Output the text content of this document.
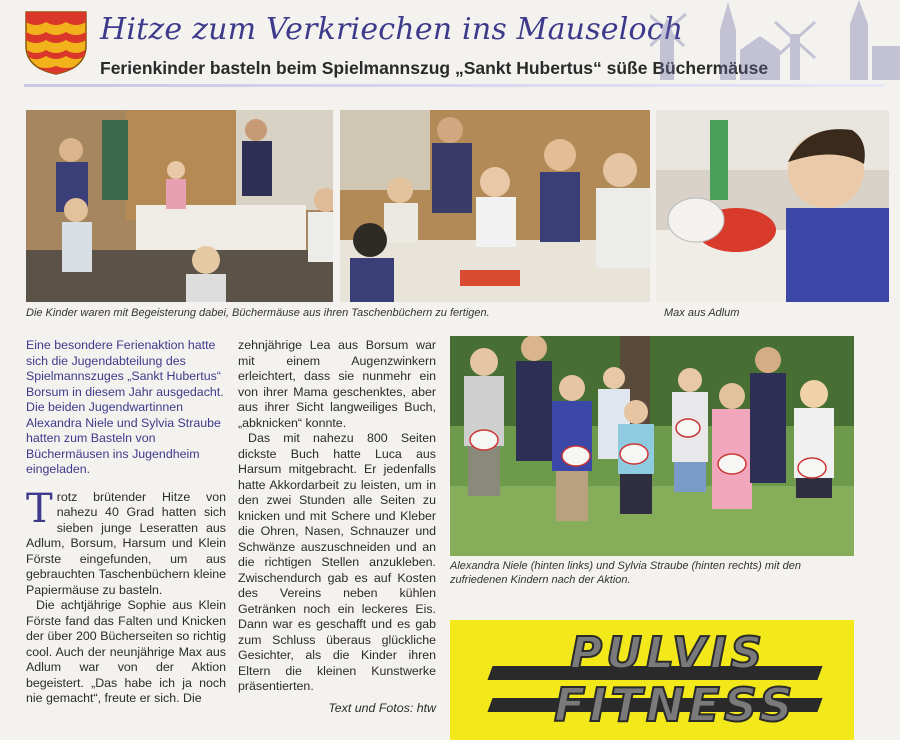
Hitze zum Verkriechen ins Mauseloch
Ferienkinder basteln beim Spielmannszug „Sankt Hubertus“ süße Büchermäuse
Die Kinder waren mit Begeisterung dabei, Büchermäuse aus ihren Taschenbüchern zu fertigen.	Max aus Adlum

Eine besondere Ferienaktion hatte sich die Jugendabteilung des Spielmannszuges „Sankt Hubertus“ Borsum in diesem Jahr ausgedacht. Die beiden Jugendwartinnen Alexandra Niele und Sylvia Straube hatten zum Basteln von Büchermäusen ins Jugendheim eingeladen.

Trotz brütender Hitze von nahezu 40 Grad hatten sich sieben junge Leseratten aus Adlum, Borsum, Harsum und Klein Förste eingefunden, um aus gebrauchten Taschenbüchern kleine Papiermäuse zu basteln.

Die achtjährige Sophie aus Klein Förste fand das Falten und Knicken der über 200 Bücherseiten so richtig cool. Auch der neunjährige Max aus Adlum war von der Aktion begeistert. „Das habe ich ja noch nie gemacht“, freute er sich. Die

zehnjährige Lea aus Borsum war mit einem Augenzwinkern erleichtert, dass sie nunmehr ein von ihrer Mama geschenktes, aber aus ihrer Sicht langweiliges Buch, „abknicken“ konnte.

Das mit nahezu 800 Seiten dickste Buch hatte Luca aus Harsum mitgebracht. Er jedenfalls hatte Akkordarbeit zu leisten, um in den zwei Stunden alle Seiten zu knicken und mit Schere und Kleber die Ohren, Nasen, Schnauzer und Schwänze auszuschneiden und an die richtigen Stellen anzukleben. Zwischendurch gab es auf Kosten des Vereins neben kühlen Getränken noch ein leckeres Eis. Dann war es geschafft und es gab zum Schluss überaus glückliche Gesichter, als die Kinder ihren Eltern die kleinen Kunstwerke präsentierten.

Text und Fotos: htw

Alexandra Niele (hinten links) und Sylvia Straube (hinten rechts) mit den
zufriedenen Kindern nach der Aktion.
PULVIS
FITNESS
